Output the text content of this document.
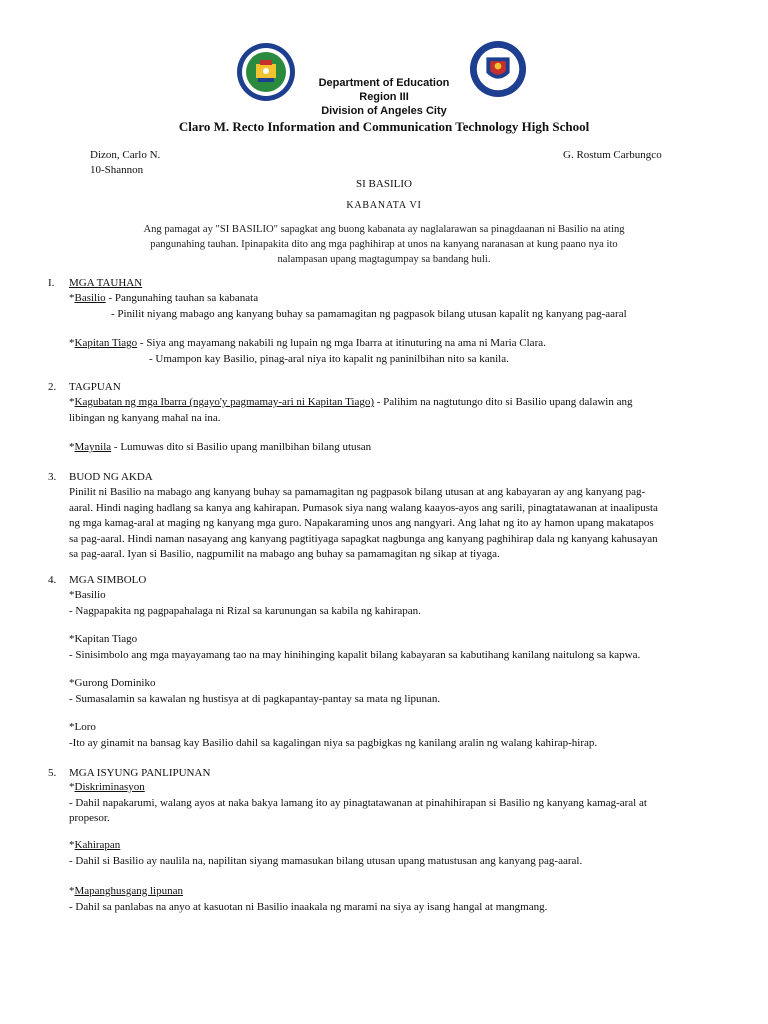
Department of Education
Region III
Division of Angeles City
Claro M. Recto Information and Communication Technology High School
Dizon, Carlo N.
10-Shannon
G. Rostum Carbungco
SI BASILIO
KABANATA VI

Ang pamagat ay "SI BASILIO" sapagkat ang buong kabanata ay naglalarawan sa pinagdaanan ni Basilio na ating

pangunahing tauhan. Ipinapakita dito ang mga paghihirap at unos na kanyang naranasan at kung paano nya ito

nalampasan upang magtagumpay sa bandang huli.

I. MGA TAUHAN

*Basilio - Pangunahing tauhan sa kabanata

- Pinilit niyang mabago ang kanyang buhay sa pamamagitan ng pagpasok bilang utusan kapalit ng kanyang pag-aaral

*Kapitan Tiago - Siya ang mayamang nakabili ng lupain ng mga Ibarra at itinuturing na ama ni Maria Clara.

- Umampon kay Basilio, pinag-aral niya ito kapalit ng paninilbihan nito sa kanila.

2. TAGPUAN

*Kagubatan ng mga Ibarra (ngayo'y pagmamay-ari ni Kapitan Tiago) - Palihim na nagtutungo dito si Basilio upang dalawin ang

libingan ng kanyang mahal na ina.

*Maynila - Lumuwas dito si Basilio upang manilbihan bilang utusan

3. BUOD NG AKDA

Pinilit ni Basilio na mabago ang kanyang buhay sa pamamagitan ng pagpasok bilang utusan at ang kabayaran ay ang kanyang pag-

aaral. Hindi naging hadlang sa kanya ang kahirapan. Pumasok siya nang walang kaayos-ayos ang sarili, pinagtatawanan at inaalipusta

ng mga kamag-aral at maging ng kanyang mga guro. Napakaraming unos ang nangyari. Ang lahat ng ito ay hamon upang makatapos

sa pag-aaral. Hindi naman nasayang ang kanyang pagtitiyaga sapagkat nagbunga ang kanyang paghihirap dala ng kanyang kahusayan

sa pag-aaral. Iyan si Basilio, nagpumilit na mabago ang buhay sa pamamagitan ng sikap at tiyaga.

4. MGA SIMBOLO

*Basilio

- Nagpapakita ng pagpapahalaga ni Rizal sa karunungan sa kabila ng kahirapan.

*Kapitan Tiago

- Sinisimbolo ang mga mayayamang tao na may hinihinging kapalit bilang kabayaran sa kabutihang kanilang naitulong sa kapwa.

*Gurong Dominiko

- Sumasalamin sa kawalan ng hustisya at di pagkapantay-pantay sa mata ng lipunan.

*Loro

-Ito ay ginamit na bansag kay Basilio dahil sa kagalingan niya sa pagbigkas ng kanilang aralin ng walang kahirap-hirap.

5. MGA ISYUNG PANLIPUNAN

*Diskriminasyon

- Dahil napakarumi, walang ayos at naka bakya lamang ito ay pinagtatawanan at pinahihirapan si Basilio ng kanyang kamag-aral at

propesor.

*Kahirapan

- Dahil si Basilio ay naulila na, napilitan siyang mamasukan bilang utusan upang matustusan ang kanyang pag-aaral.

*Mapanghusgang lipunan

- Dahil sa panlabas na anyo at kasuotan ni Basilio inaakala ng marami na siya ay isang hangal at mangmang.
